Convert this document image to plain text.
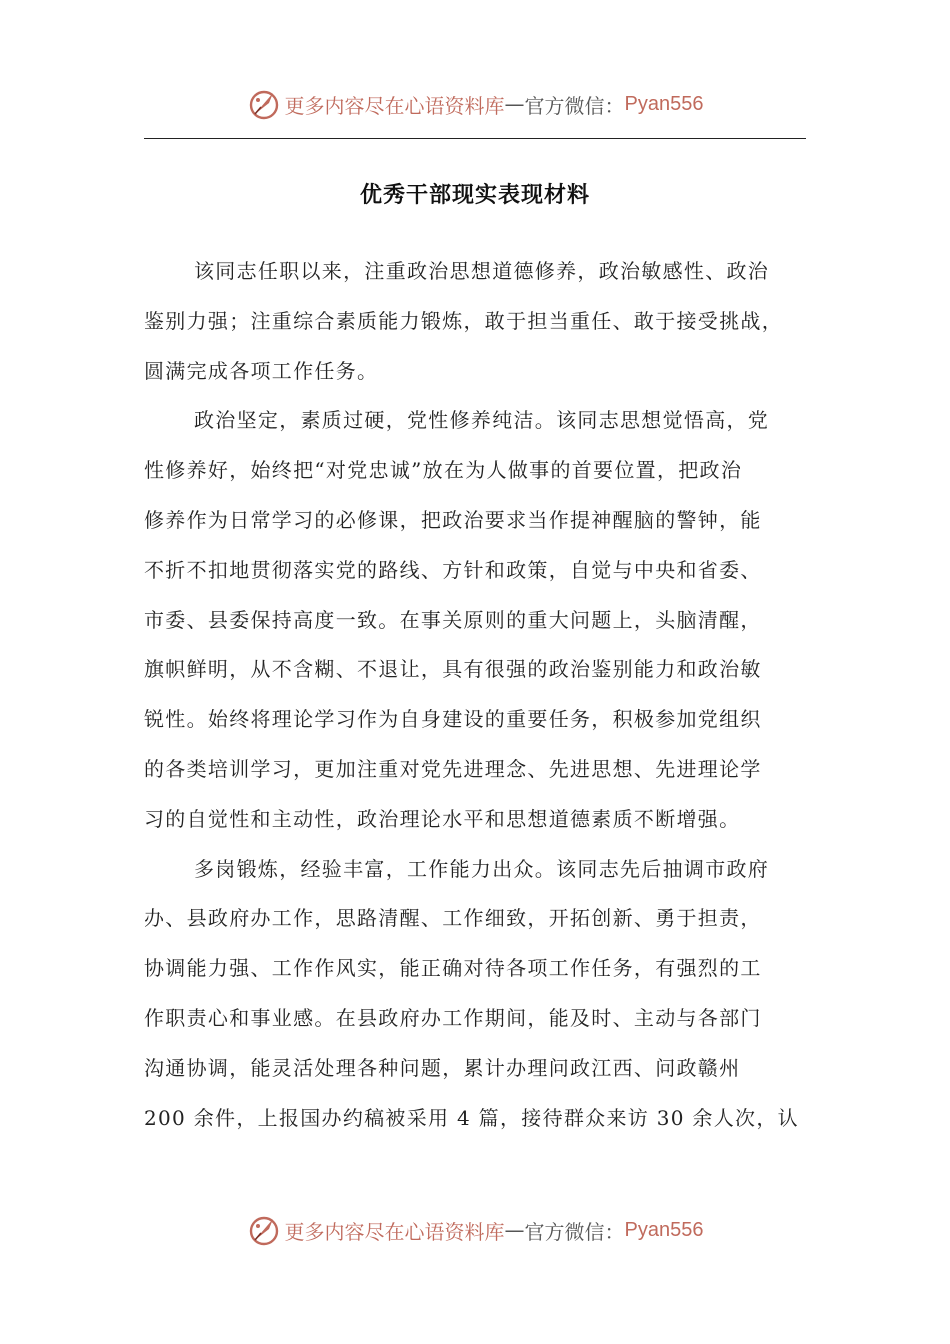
更多内容尽在心语资料库 — 官方微信： Pyan556
优秀干部现实表现材料
该同志任职以来，注重政治思想道德修养，政治敏感性、政治
鉴别力强；注重综合素质能力锻炼，敢于担当重任、敢于接受挑战，
圆满完成各项工作任务。
政治坚定，素质过硬，党性修养纯洁。该同志思想觉悟高，党
性修养好，始终把“对党忠诚”放在为人做事的首要位置，把政治
修养作为日常学习的必修课，把政治要求当作提神醒脑的警钟，能
不折不扣地贯彻落实党的路线、方针和政策，自觉与中央和省委、
市委、县委保持高度一致。在事关原则的重大问题上，头脑清醒，
旗帜鲜明，从不含糊、不退让，具有很强的政治鉴别能力和政治敏
锐性。始终将理论学习作为自身建设的重要任务，积极参加党组织
的各类培训学习，更加注重对党先进理念、先进思想、先进理论学
习的自觉性和主动性，政治理论水平和思想道德素质不断增强。
多岗锻炼，经验丰富，工作能力出众。该同志先后抽调市政府
办、县政府办工作，思路清醒、工作细致，开拓创新、勇于担责，
协调能力强、工作作风实，能正确对待各项工作任务，有强烈的工
作职责心和事业感。在县政府办工作期间，能及时、主动与各部门
沟通协调，能灵活处理各种问题，累计办理问政江西、问政赣州
200 余件，上报国办约稿被采用 4 篇，接待群众来访 30 余人次，认
更多内容尽在心语资料库 — 官方微信： Pyan556
